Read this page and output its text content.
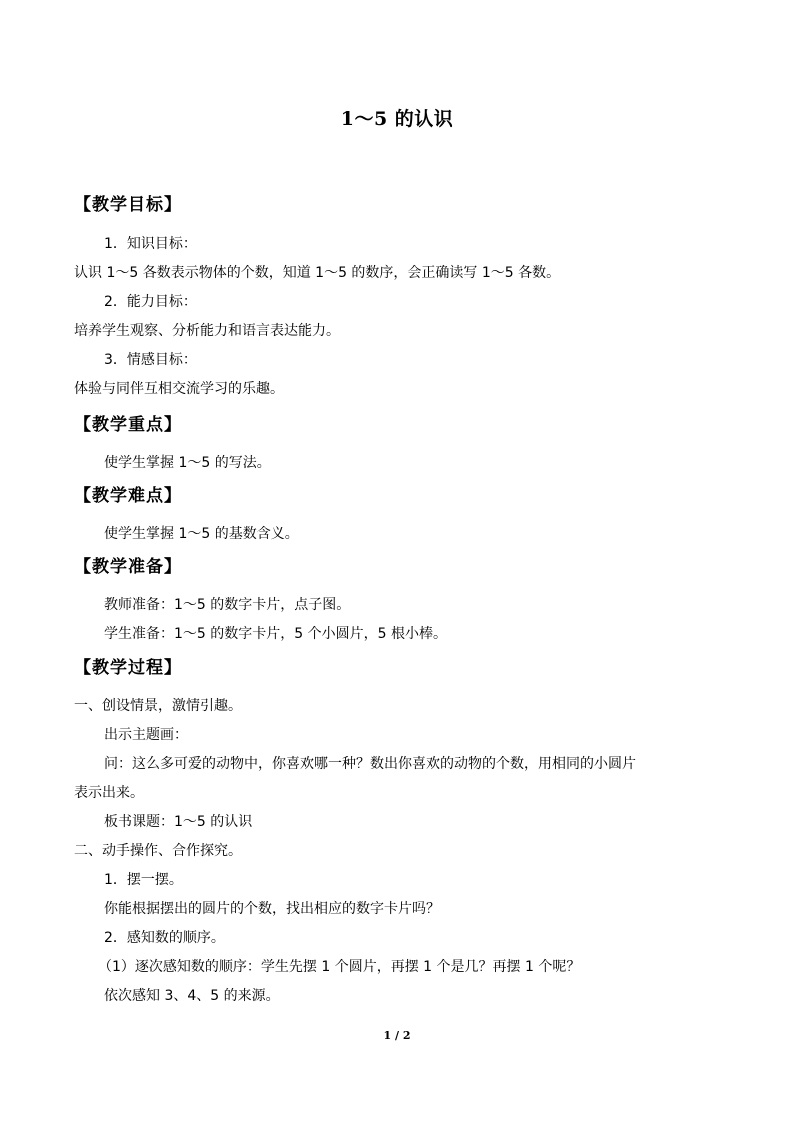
1～5 的认识
【教学目标】
1．知识目标：
认识 1～5 各数表示物体的个数，知道 1～5 的数序，会正确读写 1～5 各数。
2．能力目标：
培养学生观察、分析能力和语言表达能力。
3．情感目标：
体验与同伴互相交流学习的乐趣。
【教学重点】
使学生掌握 1～5 的写法。
【教学难点】
使学生掌握 1～5 的基数含义。
【教学准备】
教师准备：1～5 的数字卡片，点子图。
学生准备：1～5 的数字卡片，5 个小圆片，5 根小棒。
【教学过程】
一、创设情景，激情引趣。
出示主题画：
问：这么多可爱的动物中，你喜欢哪一种？数出你喜欢的动物的个数，用相同的小圆片
表示出来。
板书课题：1～5 的认识
二、动手操作、合作探究。
1．摆一摆。
你能根据摆出的圆片的个数，找出相应的数字卡片吗？
2．感知数的顺序。
（1）逐次感知数的顺序：学生先摆 1 个圆片，再摆 1 个是几？再摆 1 个呢？
依次感知 3、4、5 的来源。
1 / 2
